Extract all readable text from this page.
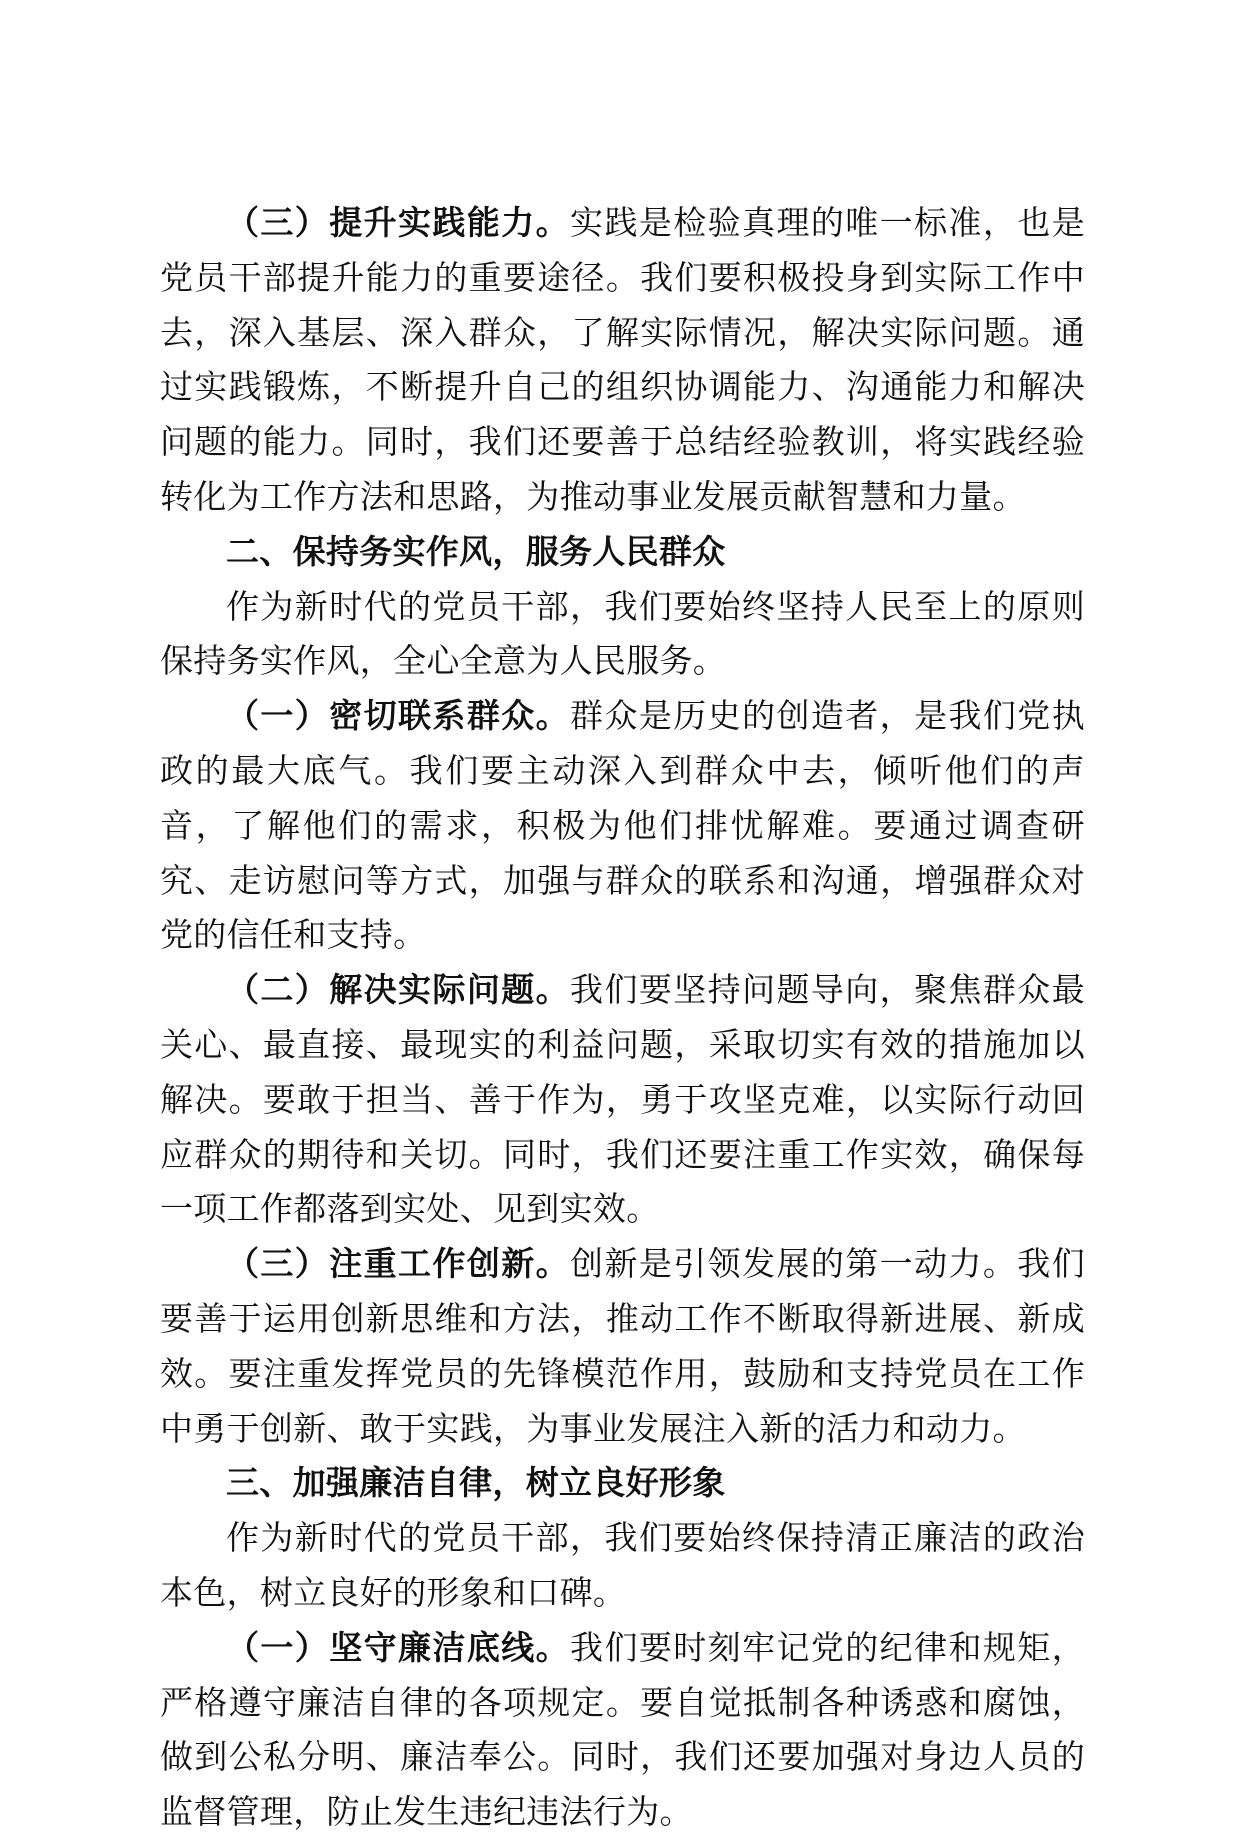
（三）提升实践能力。实践是检验真理的唯一标准，也是党员干部提升能力的重要途径。我们要积极投身到实际工作中去，深入基层、深入群众，了解实际情况，解决实际问题。通过实践锻炼，不断提升自己的组织协调能力、沟通能力和解决问题的能力。同时，我们还要善于总结经验教训，将实践经验转化为工作方法和思路，为推动事业发展贡献智慧和力量。

二、保持务实作风，服务人民群众

作为新时代的党员干部，我们要始终坚持人民至上的原则保持务实作风，全心全意为人民服务。

（一）密切联系群众。群众是历史的创造者，是我们党执政的最大底气。我们要主动深入到群众中去，倾听他们的声音，了解他们的需求，积极为他们排忧解难。要通过调查研究、走访慰问等方式，加强与群众的联系和沟通，增强群众对党的信任和支持。

（二）解决实际问题。我们要坚持问题导向，聚焦群众最关心、最直接、最现实的利益问题，采取切实有效的措施加以解决。要敢于担当、善于作为，勇于攻坚克难，以实际行动回应群众的期待和关切。同时，我们还要注重工作实效，确保每一项工作都落到实处、见到实效。

（三）注重工作创新。创新是引领发展的第一动力。我们要善于运用创新思维和方法，推动工作不断取得新进展、新成效。要注重发挥党员的先锋模范作用，鼓励和支持党员在工作中勇于创新、敢于实践，为事业发展注入新的活力和动力。

三、加强廉洁自律，树立良好形象

作为新时代的党员干部，我们要始终保持清正廉洁的政治本色，树立良好的形象和口碑。

（一）坚守廉洁底线。我们要时刻牢记党的纪律和规矩，严格遵守廉洁自律的各项规定。要自觉抵制各种诱惑和腐蚀，做到公私分明、廉洁奉公。同时，我们还要加强对身边人员的监督管理，防止发生违纪违法行为。
